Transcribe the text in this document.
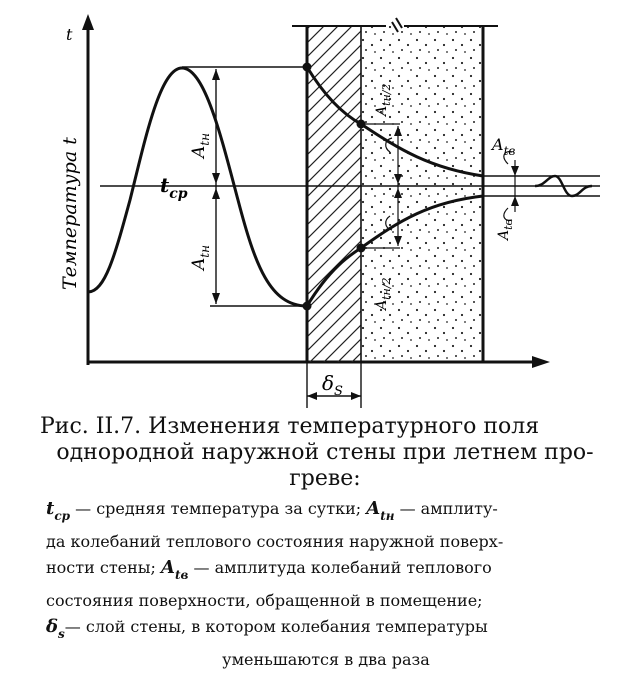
t
Температура t	$t_{ср}$
$A_{tн}$
$A_{tн}$
$A_{tн/2}$
$A_{tн/2}$
$A_{tв}$
$A_{tв}$
$\delta_S$
Рис. II.7. Изменения температурного поля
однородной наружной стены при летнем про-
греве:
$t_{ср}$ — средняя температура за сутки; $A_{tн}$ — амплиту-
да колебаний теплового состояния наружной поверх-
ности стены; $A_{tв}$ — амплитуда колебаний теплового
состояния поверхности, обращенной в помещение;
$\delta_s—$ слой стены, в котором колебания температуры
уменьшаются в два раза
